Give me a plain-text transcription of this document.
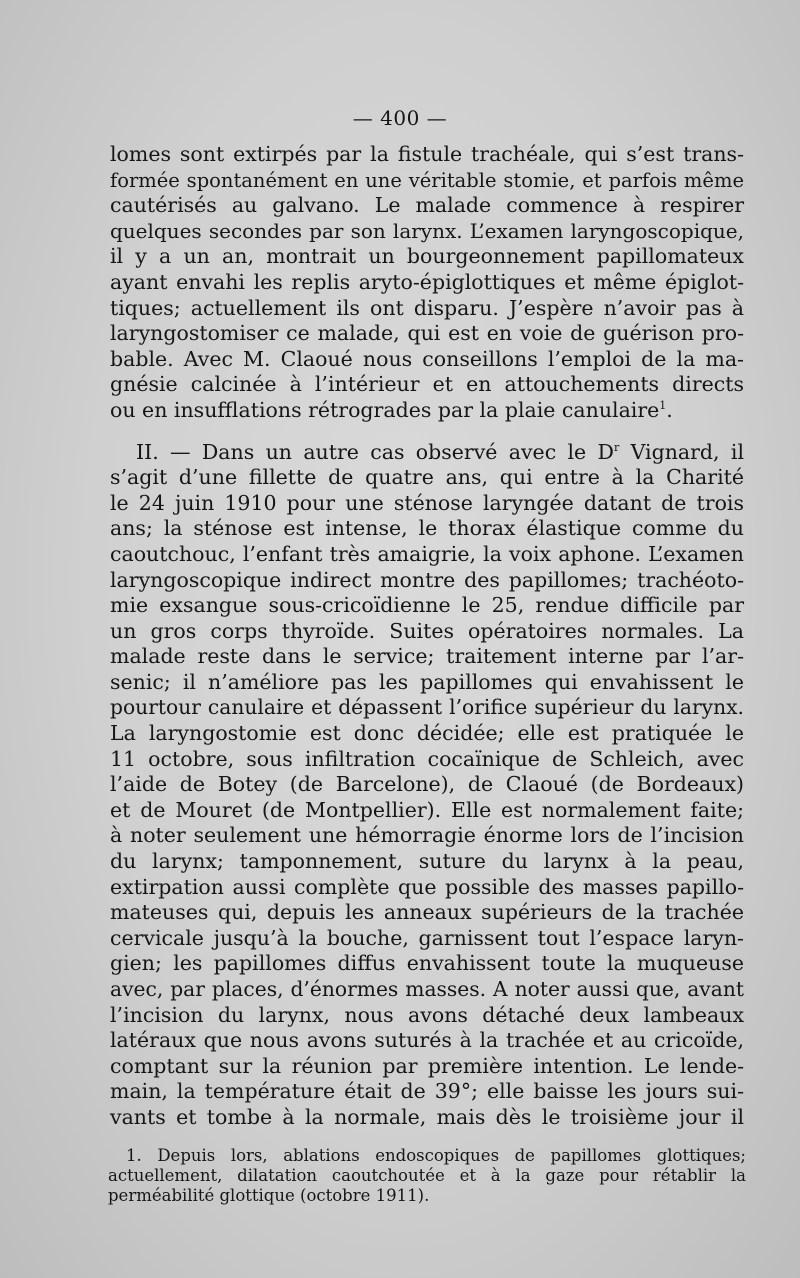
— 400 —
lomes sont extirpés par la fistule trachéale, qui s’est trans-
formée spontanément en une véritable stomie, et parfois même
cautérisés au galvano. Le malade commence à respirer
quelques secondes par son larynx. L’examen laryngoscopique,
il y a un an, montrait un bourgeonnement papillomateux
ayant envahi les replis aryto-épiglottiques et même épiglot-
tiques; actuellement ils ont disparu. J’espère n’avoir pas à
laryngostomiser ce malade, qui est en voie de guérison pro-
bable. Avec M. Claoué nous conseillons l’emploi de la ma-
gnésie calcinée à l’intérieur et en attouchements directs
ou en insufflations rétrogrades par la plaie canulaire$^1$.
II. — Dans un autre cas observé avec le $D^r$ Vignard, il
s’agit d’une fillette de quatre ans, qui entre à la Charité
le 24 juin 1910 pour une sténose laryngée datant de trois
ans; la sténose est intense, le thorax élastique comme du
caoutchouc, l’enfant très amaigrie, la voix aphone. L’examen
laryngoscopique indirect montre des papillomes; trachéoto-
mie exsangue sous-cricoïdienne le 25, rendue difficile par
un gros corps thyroïde. Suites opératoires normales. La
malade reste dans le service; traitement interne par l’ar-
senic; il n’améliore pas les papillomes qui envahissent le
pourtour canulaire et dépassent l’orifice supérieur du larynx.
La laryngostomie est donc décidée; elle est pratiquée le
11 octobre, sous infiltration cocaïnique de Schleich, avec
l’aide de Botey (de Barcelone), de Claoué (de Bordeaux)
et de Mouret (de Montpellier). Elle est normalement faite;
à noter seulement une hémorragie énorme lors de l’incision
du larynx; tamponnement, suture du larynx à la peau,
extirpation aussi complète que possible des masses papillo-
mateuses qui, depuis les anneaux supérieurs de la trachée
cervicale jusqu’à la bouche, garnissent tout l’espace laryn-
gien; les papillomes diffus envahissent toute la muqueuse
avec, par places, d’énormes masses. A noter aussi que, avant
l’incision du larynx, nous avons détaché deux lambeaux
latéraux que nous avons suturés à la trachée et au cricoïde,
comptant sur la réunion par première intention. Le lende-
main, la température était de 39°; elle baisse les jours sui-
vants et tombe à la normale, mais dès le troisième jour il
1. Depuis lors, ablations endoscopiques de papillomes glottiques;
actuellement, dilatation caoutchoutée et à la gaze pour rétablir la
perméabilité glottique (octobre 1911).
